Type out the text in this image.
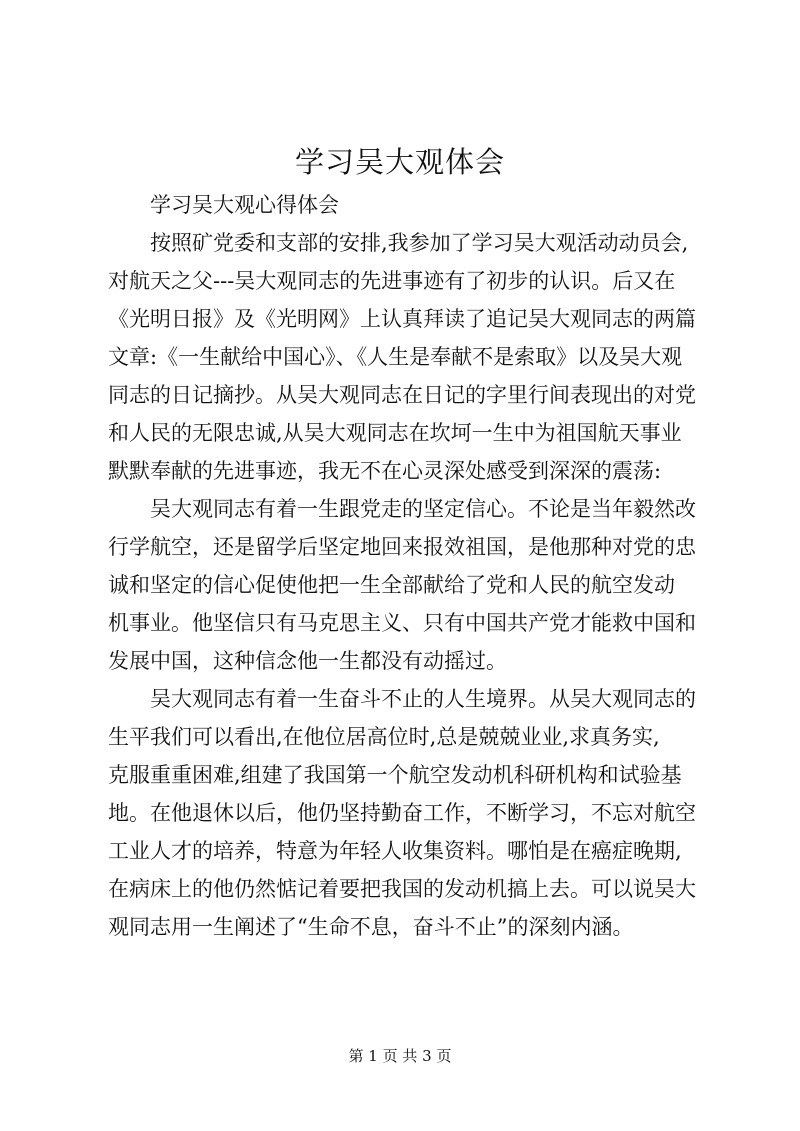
学习吴大观体会
学习吴大观心得体会
按照矿党委和支部的安排,我参加了学习吴大观活动动员会,
对航天之父---吴大观同志的先进事迹有了初步的认识。后又在
《光明日报》及《光明网》上认真拜读了追记吴大观同志的两篇
文章:《一生献给中国心》、《人生是奉献不是索取》以及吴大观
同志的日记摘抄。从吴大观同志在日记的字里行间表现出的对党
和人民的无限忠诚,从吴大观同志在坎坷一生中为祖国航天事业
默默奉献的先进事迹，我无不在心灵深处感受到深深的震荡:
吴大观同志有着一生跟党走的坚定信心。不论是当年毅然改
行学航空，还是留学后坚定地回来报效祖国，是他那种对党的忠
诚和坚定的信心促使他把一生全部献给了党和人民的航空发动
机事业。他坚信只有马克思主义、只有中国共产党才能救中国和
发展中国，这种信念他一生都没有动摇过。
吴大观同志有着一生奋斗不止的人生境界。从吴大观同志的
生平我们可以看出,在他位居高位时,总是兢兢业业,求真务实,
克服重重困难,组建了我国第一个航空发动机科研机构和试验基
地。在他退休以后，他仍坚持勤奋工作，不断学习，不忘对航空
工业人才的培养，特意为年轻人收集资料。哪怕是在癌症晚期,
在病床上的他仍然惦记着要把我国的发动机搞上去。可以说吴大
观同志用一生阐述了“生命不息，奋斗不止”的深刻内涵。
第 1 页 共 3 页
